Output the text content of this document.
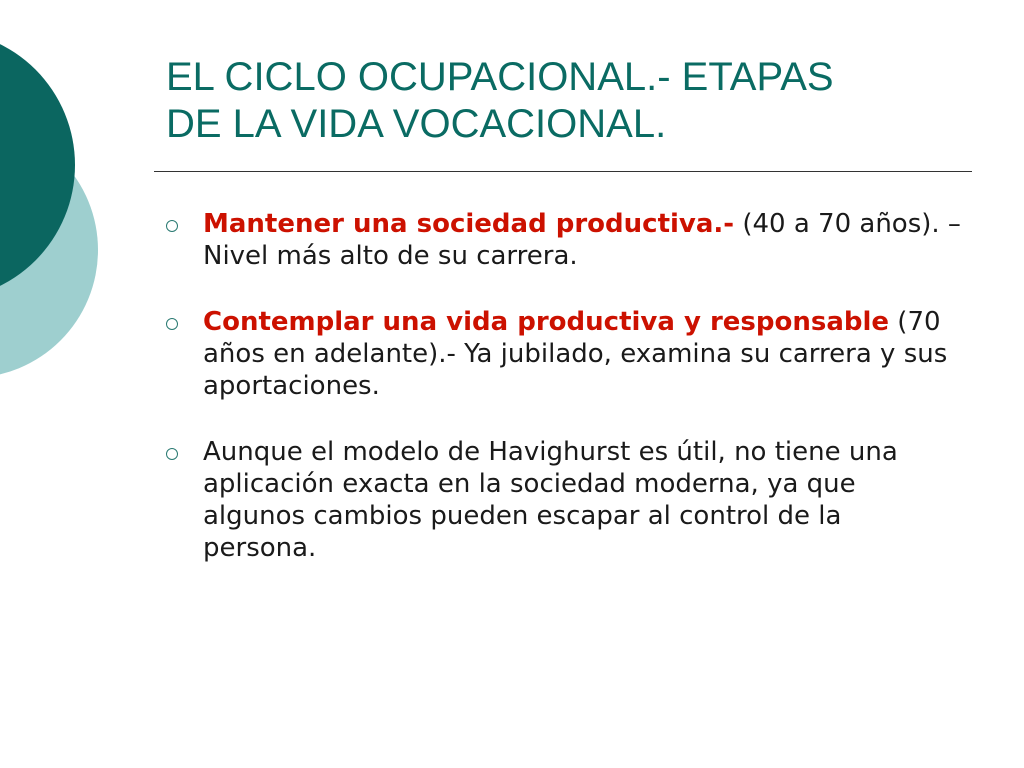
EL CICLO OCUPACIONAL.- ETAPAS
DE LA VIDA VOCACIONAL.
Mantener una sociedad productiva.- (40 a 70 años). – Nivel más alto de su carrera.
Contemplar una vida productiva y responsable (70 años en adelante).- Ya jubilado, examina su carrera y sus aportaciones.
Aunque el modelo de Havighurst es útil, no tiene una aplicación exacta en la sociedad moderna, ya que algunos cambios pueden escapar al control de la persona.
